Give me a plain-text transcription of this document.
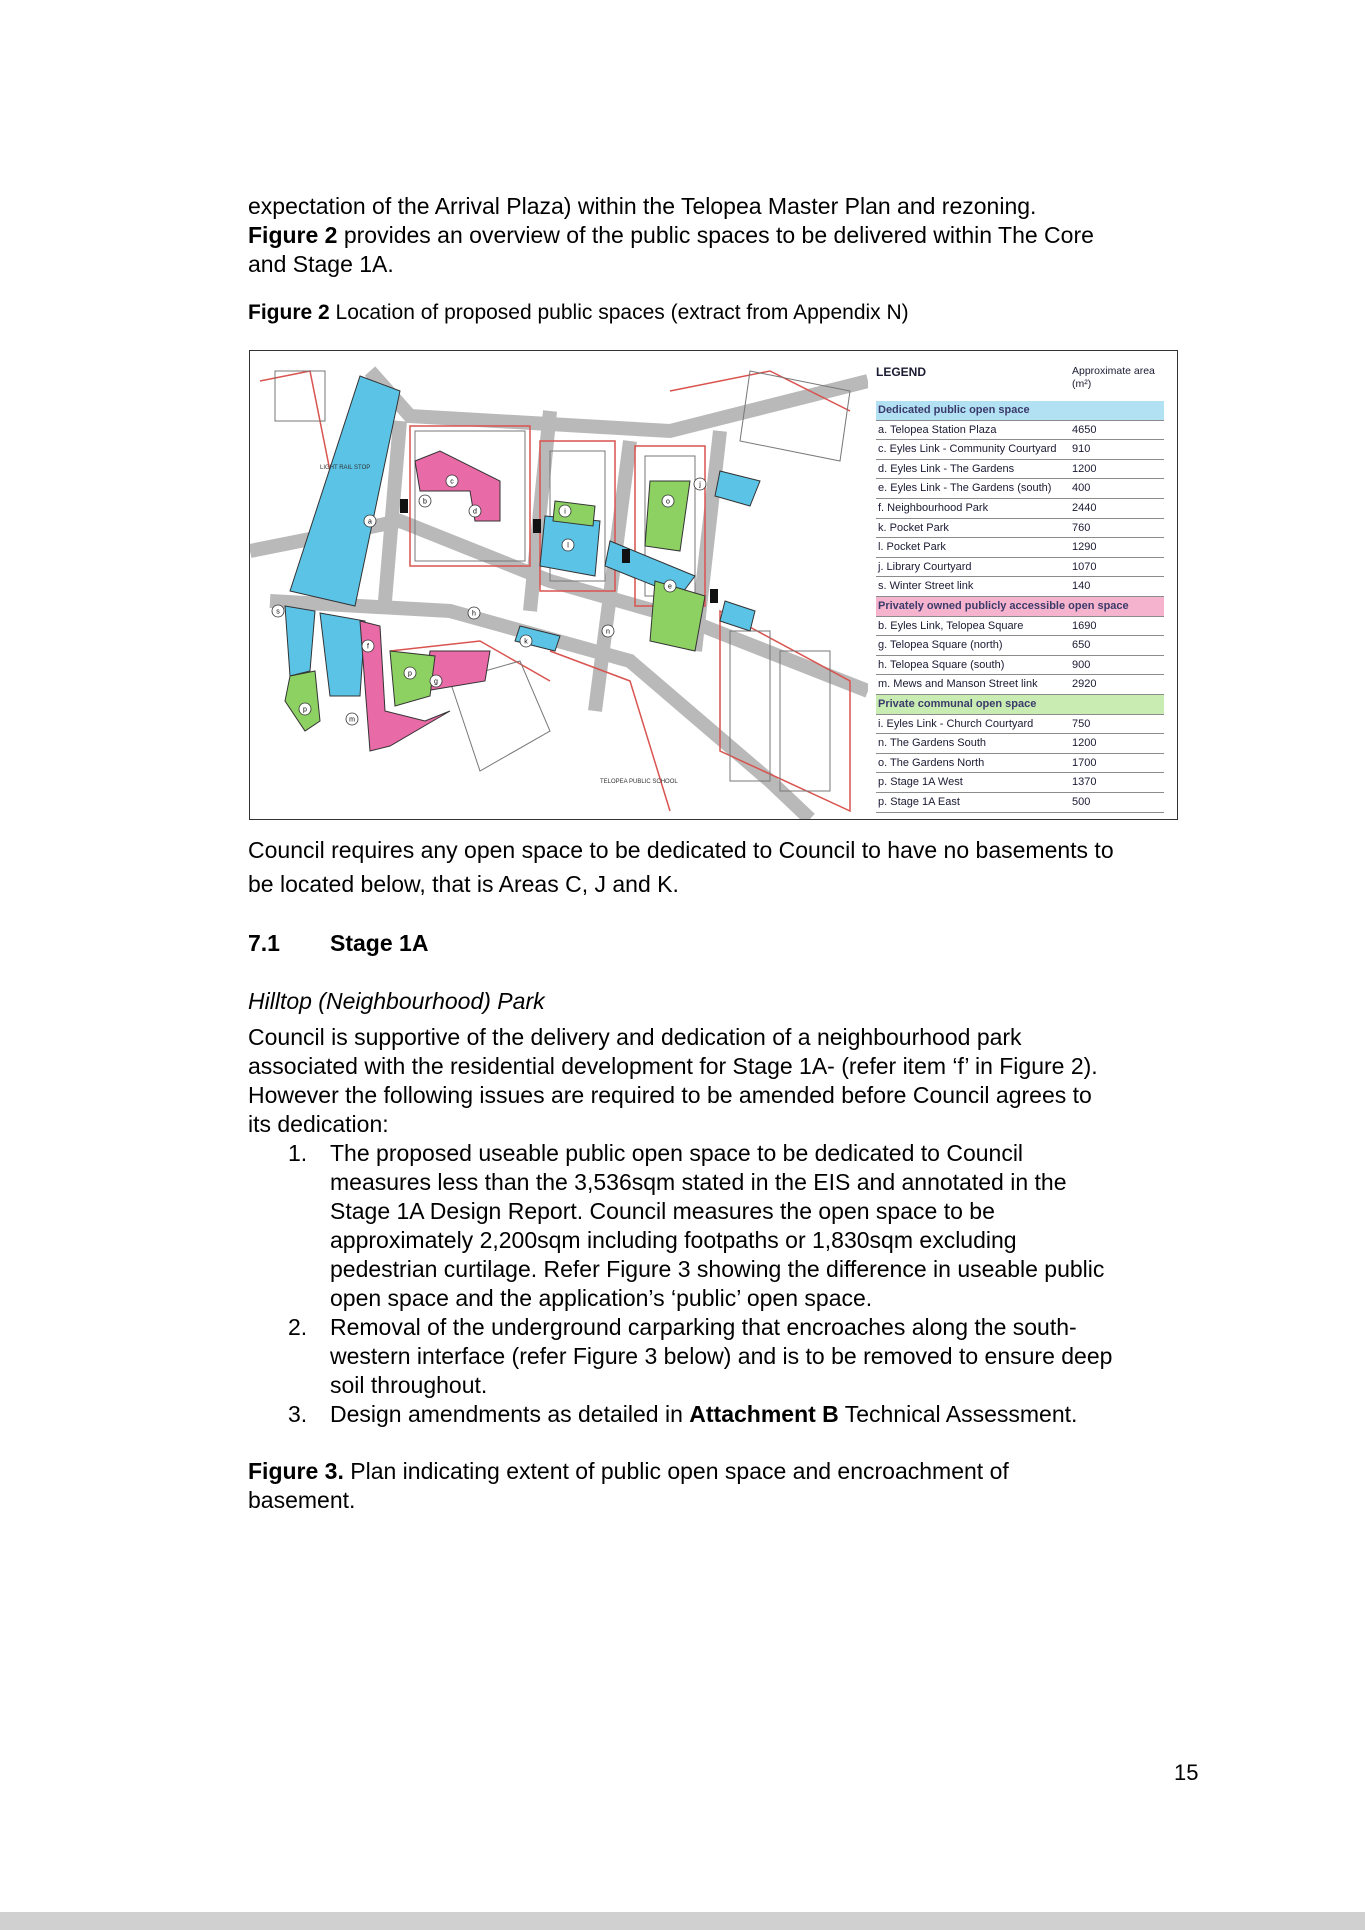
expectation of the Arrival Plaza) within the Telopea Master Plan and rezoning.
Figure 2 provides an overview of the public spaces to be delivered within The Core
and Stage 1A.
Figure 2 Location of proposed public spaces (extract from Appendix N)
LIGHT RAIL STOP
TELOPEA PUBLIC SCHOOL
a
b
c
d
e
f
g
h
i
j
k
l
m
n
o
p
p
s
LEGEND	Approximate area (m²)
Dedicated public open space
a. Telopea Station Plaza	4650
c. Eyles Link - Community Courtyard 910
d. Eyles Link - The Gardens	1200
e. Eyles Link - The Gardens (south) 400
f. Neighbourhood Park	2440
k. Pocket Park	760
l. Pocket Park	1290
j. Library Courtyard	1070
s. Winter Street link	140
Privately owned publicly accessible open space
b. Eyles Link, Telopea Square	1690
g. Telopea Square (north)	650
h. Telopea Square (south)	900
m. Mews and Manson Street link	2920
Private communal open space
i. Eyles Link - Church Courtyard	750
n. The Gardens South	1200
o. The Gardens North	1700
p. Stage 1A West	1370
p. Stage 1A East	500
Council requires any open space to be dedicated to Council to have no basements to
be located below, that is Areas C, J and K.
7.1 Stage 1A
Hilltop (Neighbourhood) Park
Council is supportive of the delivery and dedication of a neighbourhood park
associated with the residential development for Stage 1A- (refer item ‘f’ in Figure 2).
However the following issues are required to be amended before Council agrees to
its dedication:
1. The proposed useable public open space to be dedicated to Council
measures less than the 3,536sqm stated in the EIS and annotated in the
Stage 1A Design Report. Council measures the open space to be
approximately 2,200sqm including footpaths or 1,830sqm excluding
pedestrian curtilage. Refer Figure 3 showing the difference in useable public
open space and the application’s ‘public’ open space.
2. Removal of the underground carparking that encroaches along the south-
western interface (refer Figure 3 below) and is to be removed to ensure deep
soil throughout.
3. Design amendments as detailed in Attachment B Technical Assessment.
Figure 3. Plan indicating extent of public open space and encroachment of
basement.
15
